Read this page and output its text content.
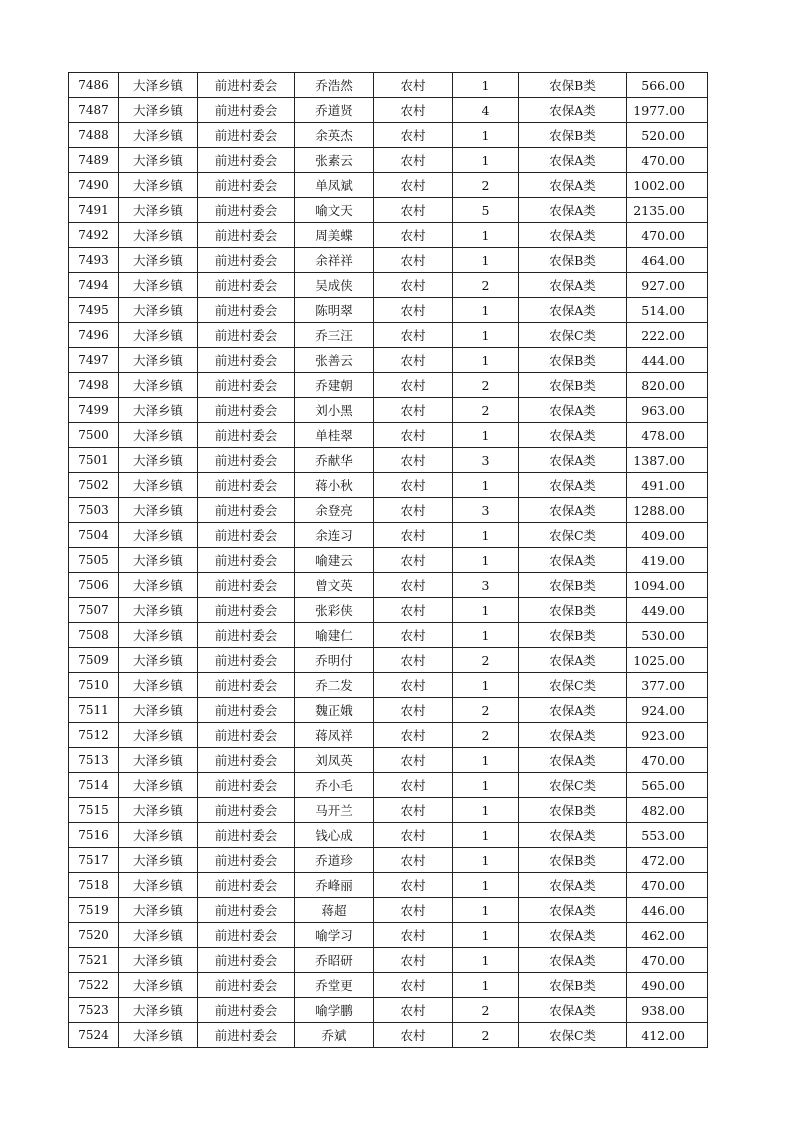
7486	大泽乡镇	前进村委会	乔浩然	农村	1	农保B类	566.00
7487	大泽乡镇	前进村委会	乔道贤	农村	4	农保A类	1977.00
7488	大泽乡镇	前进村委会	余英杰	农村	1	农保B类	520.00
7489	大泽乡镇	前进村委会	张素云	农村	1	农保A类	470.00
7490	大泽乡镇	前进村委会	单凤斌	农村	2	农保A类	1002.00
7491	大泽乡镇	前进村委会	喻文天	农村	5	农保A类	2135.00
7492	大泽乡镇	前进村委会	周美蝶	农村	1	农保A类	470.00
7493	大泽乡镇	前进村委会	余祥祥	农村	1	农保B类	464.00
7494	大泽乡镇	前进村委会	吴成侠	农村	2	农保A类	927.00
7495	大泽乡镇	前进村委会	陈明翠	农村	1	农保A类	514.00
7496	大泽乡镇	前进村委会	乔三汪	农村	1	农保C类	222.00
7497	大泽乡镇	前进村委会	张善云	农村	1	农保B类	444.00
7498	大泽乡镇	前进村委会	乔建朝	农村	2	农保B类	820.00
7499	大泽乡镇	前进村委会	刘小黑	农村	2	农保A类	963.00
7500	大泽乡镇	前进村委会	单桂翠	农村	1	农保A类	478.00
7501	大泽乡镇	前进村委会	乔献华	农村	3	农保A类	1387.00
7502	大泽乡镇	前进村委会	蒋小秋	农村	1	农保A类	491.00
7503	大泽乡镇	前进村委会	余登亮	农村	3	农保A类	1288.00
7504	大泽乡镇	前进村委会	余连习	农村	1	农保C类	409.00
7505	大泽乡镇	前进村委会	喻建云	农村	1	农保A类	419.00
7506	大泽乡镇	前进村委会	曾文英	农村	3	农保B类	1094.00
7507	大泽乡镇	前进村委会	张彩侠	农村	1	农保B类	449.00
7508	大泽乡镇	前进村委会	喻建仁	农村	1	农保B类	530.00
7509	大泽乡镇	前进村委会	乔明付	农村	2	农保A类	1025.00
7510	大泽乡镇	前进村委会	乔二发	农村	1	农保C类	377.00
7511	大泽乡镇	前进村委会	魏正娥	农村	2	农保A类	924.00
7512	大泽乡镇	前进村委会	蒋凤祥	农村	2	农保A类	923.00
7513	大泽乡镇	前进村委会	刘凤英	农村	1	农保A类	470.00
7514	大泽乡镇	前进村委会	乔小毛	农村	1	农保C类	565.00
7515	大泽乡镇	前进村委会	马开兰	农村	1	农保B类	482.00
7516	大泽乡镇	前进村委会	钱心成	农村	1	农保A类	553.00
7517	大泽乡镇	前进村委会	乔道珍	农村	1	农保B类	472.00
7518	大泽乡镇	前进村委会	乔峰丽	农村	1	农保A类	470.00
7519	大泽乡镇	前进村委会	蒋超	农村	1	农保A类	446.00
7520	大泽乡镇	前进村委会	喻学习	农村	1	农保A类	462.00
7521	大泽乡镇	前进村委会	乔昭研	农村	1	农保A类	470.00
7522	大泽乡镇	前进村委会	乔堂更	农村	1	农保B类	490.00
7523	大泽乡镇	前进村委会	喻学鹏	农村	2	农保A类	938.00
7524	大泽乡镇	前进村委会	乔斌	农村	2	农保C类	412.00
